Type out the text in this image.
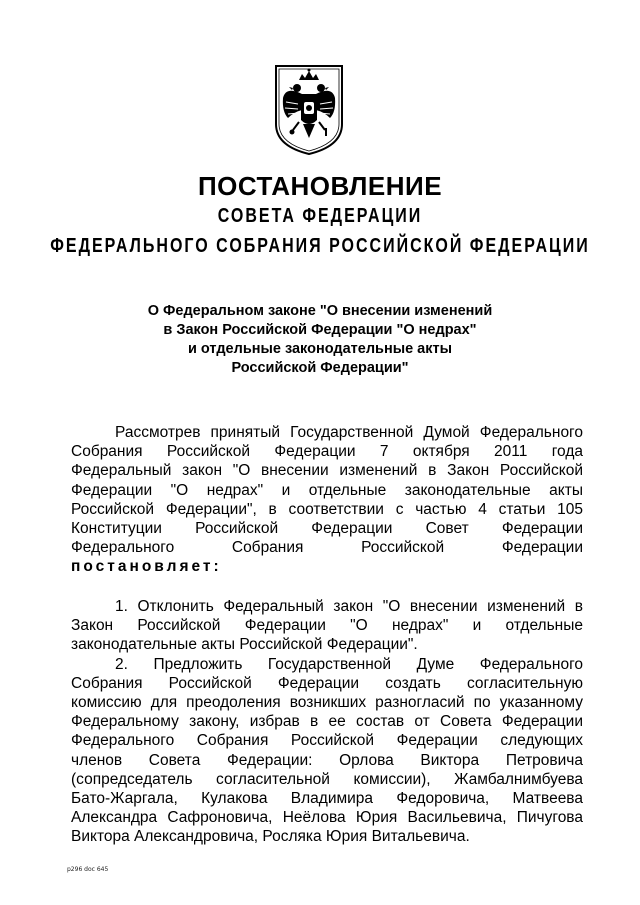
ПОСТАНОВЛЕНИЕ
СОВЕТА ФЕДЕРАЦИИ
ФЕДЕРАЛЬНОГО СОБРАНИЯ РОССИЙСКОЙ ФЕДЕРАЦИИ
О Федеральном законе "О внесении изменений
в Закон Российской Федерации "О недрах"
и отдельные законодательные акты
Российской Федерации"
Рассмотрев принятый Государственной Думой Федерального
Собрания Российской Федерации 7 октября 2011 года
Федеральный закон "О внесении изменений в Закон Российской
Федерации "О недрах" и отдельные законодательные акты
Российской Федерации", в соответствии с частью 4 статьи 105
Конституции Российской Федерации Совет Федерации
Федерального Собрания Российской Федерации
постановляет:
1. Отклонить Федеральный закон "О внесении изменений в
Закон Российской Федерации "О недрах" и отдельные
законодательные акты Российской Федерации".
2. Предложить Государственной Думе Федерального
Собрания Российской Федерации создать согласительную
комиссию для преодоления возникших разногласий по указанному
Федеральному закону, избрав в ее состав от Совета Федерации
Федерального Собрания Российской Федерации следующих
членов Совета Федерации: Орлова Виктора Петровича
(сопредседатель согласительной комиссии), Жамбалнимбуева
Бато-Жаргала, Кулакова Владимира Федоровича, Матвеева
Александра Сафроновича, Неёлова Юрия Васильевича, Пичугова
Виктора Александровича, Росляка Юрия Витальевича.
р296 doc 645
